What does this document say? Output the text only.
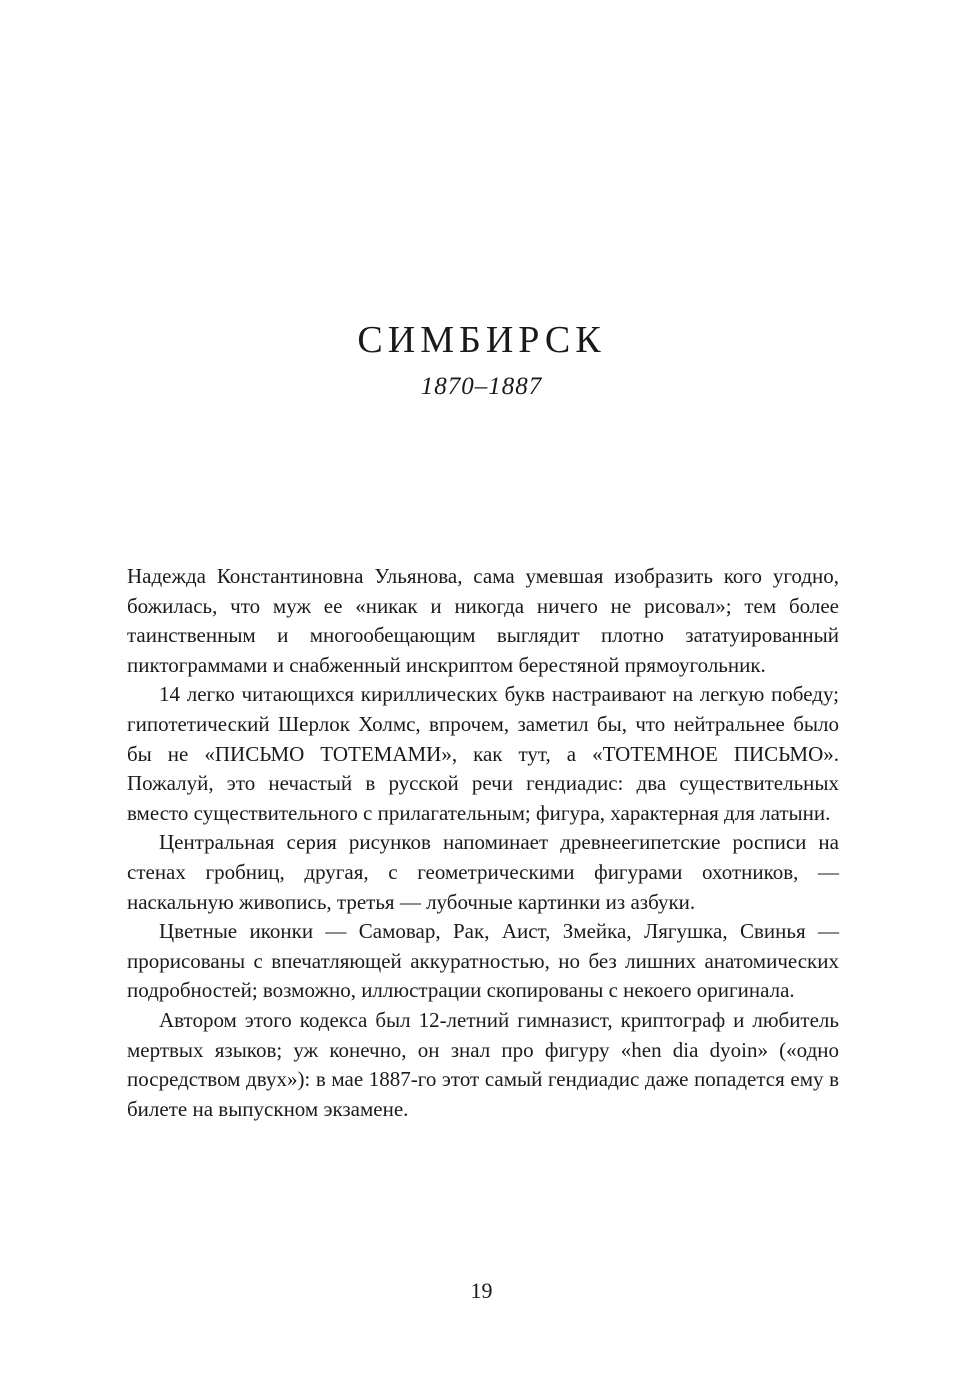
СИМБИРСК
1870–1887

Надежда Константиновна Ульянова, сама умевшая изобразить кого угодно, божилась, что муж ее «никак и никогда ничего не рисовал»; тем более таинственным и многообещающим выглядит плотно зататуированный пиктограммами и снабженный инскриптом берестяной прямоугольник.

14 легко читающихся кириллических букв настраивают на легкую победу; гипотетический Шерлок Холмс, впрочем, заметил бы, что нейтральнее было бы не «ПИСЬМО ТОТЕМАМИ», как тут, а «ТОТЕМНОЕ ПИСЬМО». Пожалуй, это нечастый в русской речи гендиадис: два существительных вместо существительного с прилагательным; фигура, характерная для латыни.

Центральная серия рисунков напоминает древнеегипетские росписи на стенах гробниц, другая, с геометрическими фигурами охотников, — наскальную живопись, третья — лубочные картинки из азбуки.

Цветные иконки — Самовар, Рак, Аист, Змейка, Лягушка, Свинья — прорисованы с впечатляющей аккуратностью, но без лишних анатомических подробностей; возможно, иллюстрации скопированы с некоего оригинала.

Автором этого кодекса был 12-летний гимназист, криптограф и любитель мертвых языков; уж конечно, он знал про фигуру «hen dia dyoin» («одно посредством двух»): в мае 1887-го этот самый гендиадис даже попадется ему в билете на выпускном экзамене.

19
